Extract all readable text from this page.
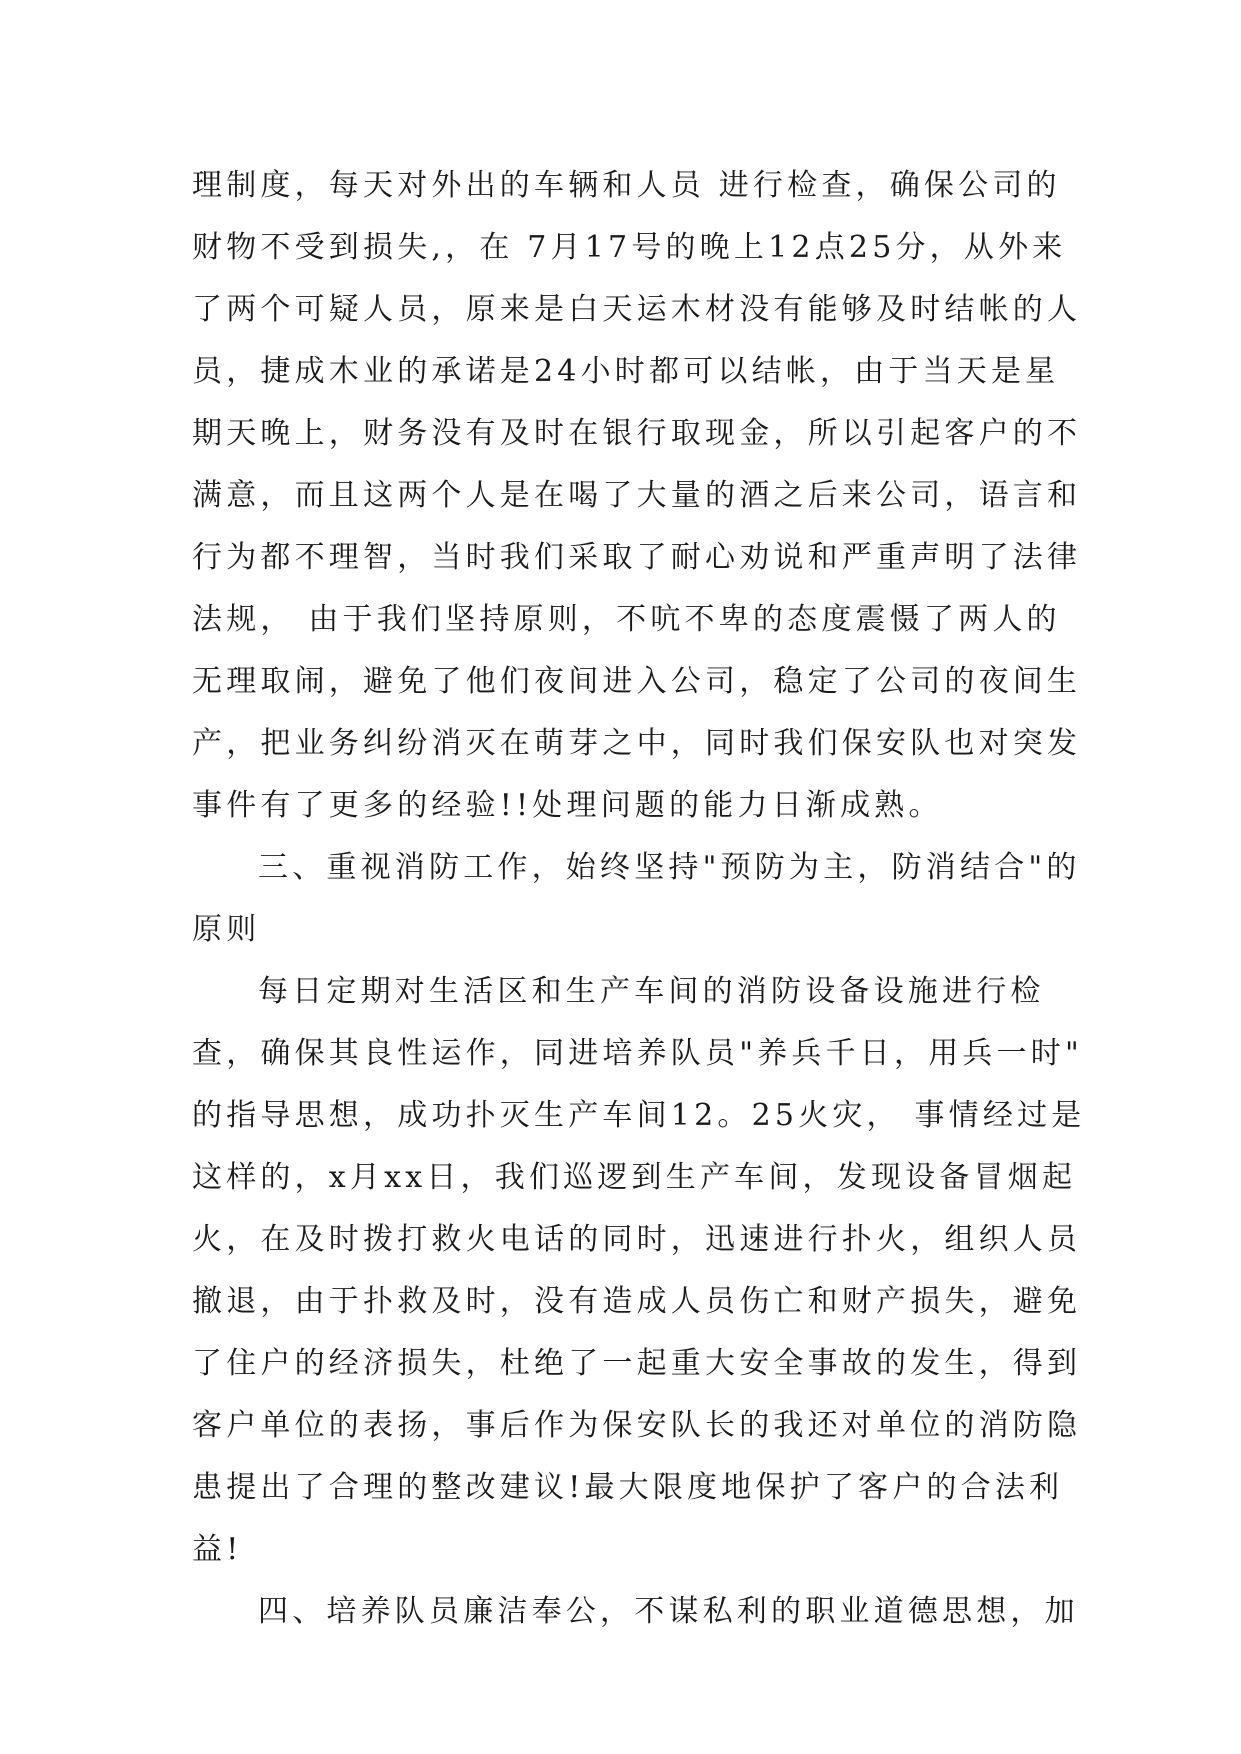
理制度，每天对外出的车辆和人员 进行检查，确保公司的
财物不受到损失,，在 7月17号的晚上12点25分，从外来
了两个可疑人员，原来是白天运木材没有能够及时结帐的人
员，捷成木业的承诺是24小时都可以结帐，由于当天是星
期天晚上，财务没有及时在银行取现金，所以引起客户的不
满意，而且这两个人是在喝了大量的酒之后来公司，语言和
行为都不理智，当时我们采取了耐心劝说和严重声明了法律
法规， 由于我们坚持原则，不吭不卑的态度震慑了两人的
无理取闹，避免了他们夜间进入公司，稳定了公司的夜间生
产，把业务纠纷消灭在萌芽之中，同时我们保安队也对突发
事件有了更多的经验!!处理问题的能力日渐成熟。
三、重视消防工作，始终坚持"预防为主，防消结合"的
原则
每日定期对生活区和生产车间的消防设备设施进行检
查，确保其良性运作，同进培养队员"养兵千日，用兵一时"
的指导思想，成功扑灭生产车间12。25火灾， 事情经过是
这样的，x月xx日，我们巡逻到生产车间，发现设备冒烟起
火，在及时拨打救火电话的同时，迅速进行扑火，组织人员
撤退，由于扑救及时，没有造成人员伤亡和财产损失，避免
了住户的经济损失，杜绝了一起重大安全事故的发生，得到
客户单位的表扬，事后作为保安队长的我还对单位的消防隐
患提出了合理的整改建议!最大限度地保护了客户的合法利
益!
四、培养队员廉洁奉公，不谋私利的职业道德思想，加
